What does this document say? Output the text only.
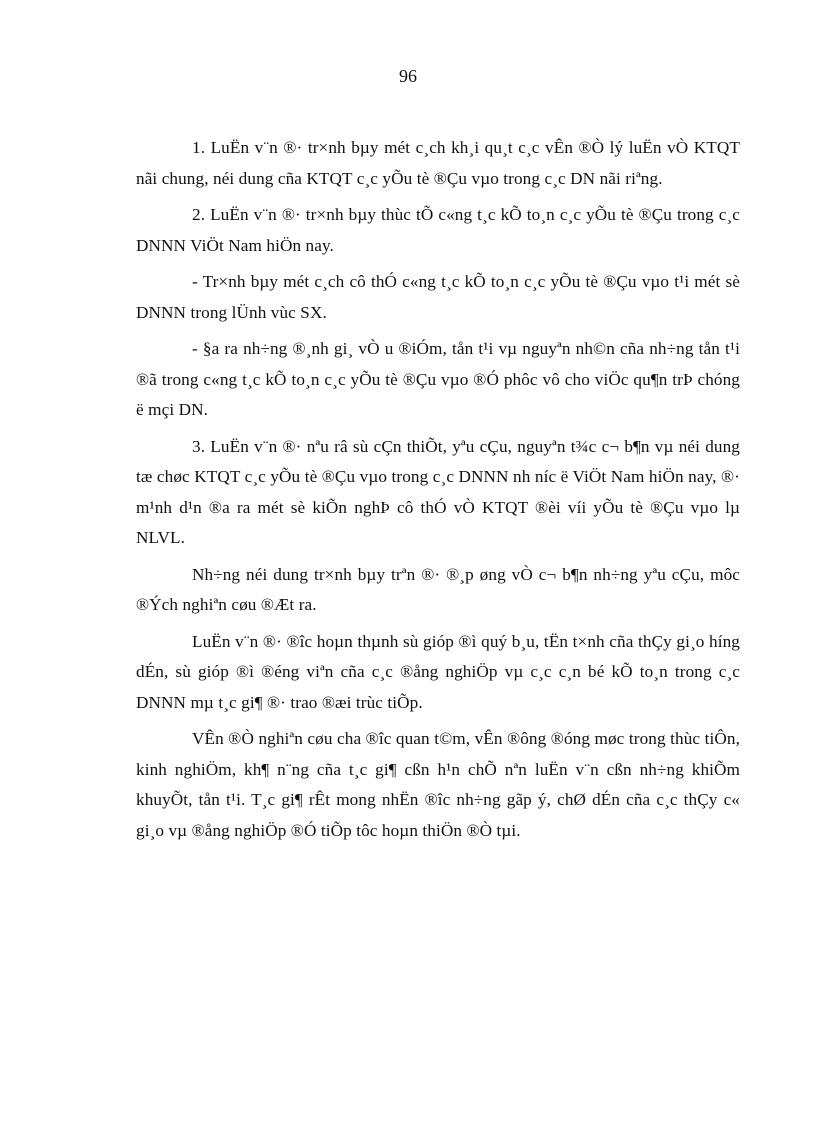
96

1. LuËn v¨n ®· tr×nh bµy mét c¸ch kh¸i qu¸t c¸c vÊn ®Ò lý luËn vÒ KTQT nãi chung, néi dung cña KTQT c¸c yÕu tè ®Çu vµo trong c¸c DN nãi riªng.

2. LuËn v¨n ®· tr×nh bµy thùc tÕ c«ng t¸c kÕ to¸n c¸c yÕu tè ®Çu trong c¸c DNNN ViÖt Nam hiÖn nay.

- Tr×nh bµy mét c¸ch cô thÓ c«ng t¸c kÕ to¸n c¸c yÕu tè ®Çu vµo t¹i mét sè DNNN trong lÜnh vùc SX.

- §a ra nh÷ng ®¸nh gi¸ vÒ u ®iÓm, tån t¹i vµ nguyªn nh©n cña nh÷ng tån t¹i ®ã trong c«ng t¸c kÕ to¸n c¸c yÕu tè ®Çu vµo ®Ó phôc vô cho viÖc qu¶n trÞ chóng ë mçi DN.

3. LuËn v¨n ®· nªu râ sù cÇn thiÕt, yªu cÇu, nguyªn t¾c c¬ b¶n vµ néi dung tæ chøc KTQT c¸c yÕu tè ®Çu vµo trong c¸c DNNN nh níc ë ViÖt Nam hiÖn nay, ®· m¹nh d¹n ®a ra mét sè kiÕn nghÞ cô thÓ vÒ KTQT ®èi víi yÕu tè ®Çu vµo lµ NLVL.

Nh÷ng néi dung tr×nh bµy trªn ®· ®¸p øng vÒ c¬ b¶n nh÷ng yªu cÇu, môc ®Ých nghiªn cøu ®Æt ra.

LuËn v¨n ®· ®îc hoµn thµnh sù gióp ®ì quý b¸u, tËn t×nh cña thÇy gi¸o híng dÉn, sù gióp ®ì ®éng viªn cña c¸c ®ång nghiÖp vµ c¸c c¸n bé kÕ to¸n trong c¸c DNNN mµ t¸c gi¶ ®· trao ®æi trùc tiÕp.

VÊn ®Ò nghiªn cøu cha ®îc quan t©m, vÊn ®ông ®óng møc trong thùc tiÔn, kinh nghiÖm, kh¶ n¨ng cña t¸c gi¶ cßn h¹n chÕ nªn luËn v¨n cßn nh÷ng khiÕm khuyÕt, tån t¹i. T¸c gi¶ rÊt mong nhËn ®îc nh÷ng gãp ý, chØ dÉn cña c¸c thÇy c« gi¸o vµ ®ång nghiÖp ®Ó tiÕp tôc hoµn thiÖn ®Ò tµi.
